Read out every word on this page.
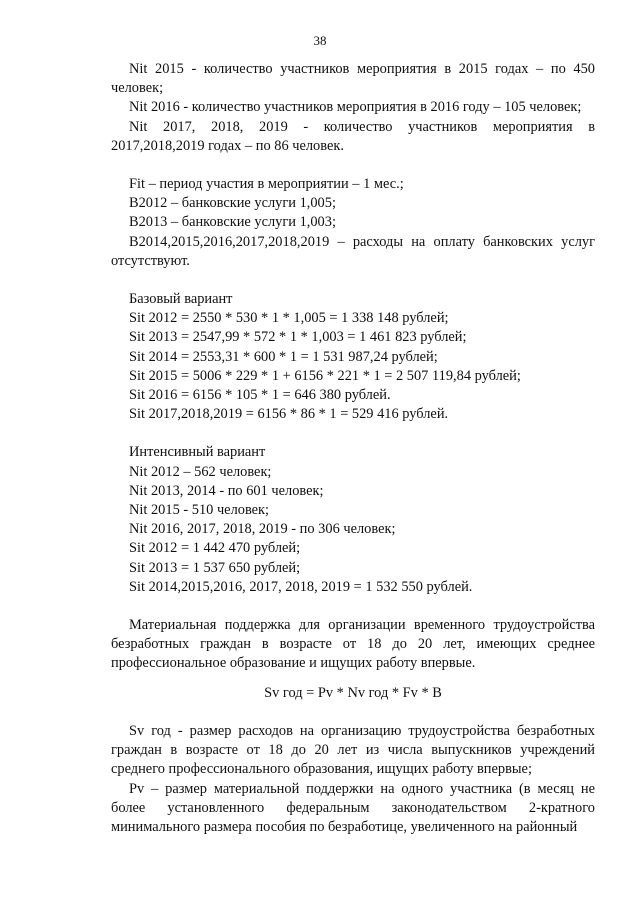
38

Nit 2015 - количество участников мероприятия в 2015 годах – по 450 человек;

Nit 2016 - количество участников мероприятия в 2016 году – 105 человек;

Nit 2017, 2018, 2019 - количество участников мероприятия в 2017,2018,2019 годах – по 86 человек.

Fit – период участия в мероприятии – 1 мес.;

B2012 – банковские услуги 1,005;

B2013 – банковские услуги 1,003;

B2014,2015,2016,2017,2018,2019 – расходы на оплату банковских услуг отсутствуют.

Базовый вариант

Sit 2012 = 2550 * 530 * 1 * 1,005 = 1 338 148 рублей;

Sit 2013 = 2547,99 * 572 * 1 * 1,003 = 1 461 823 рублей;

Sit 2014 = 2553,31 * 600 * 1 = 1 531 987,24 рублей;

Sit 2015 = 5006 * 229 * 1 + 6156 * 221 * 1 = 2 507 119,84 рублей;

Sit 2016 = 6156 * 105 * 1 = 646 380 рублей.

Sit 2017,2018,2019 = 6156 * 86 * 1 = 529 416 рублей.

Интенсивный вариант

Nit 2012 – 562 человек;

Nit 2013, 2014 - по 601 человек;

Nit 2015 - 510 человек;

Nit 2016, 2017, 2018, 2019 - по 306 человек;

Sit 2012 = 1 442 470 рублей;

Sit 2013 = 1 537 650 рублей;

Sit 2014,2015,2016, 2017, 2018, 2019 = 1 532 550 рублей.

Материальная поддержка для организации временного трудоустройства безработных граждан в возрасте от 18 до 20 лет, имеющих среднее профессиональное образование и ищущих работу впервые.

Sv год = Pv * Nv год * Fv * B

Sv год - размер расходов на организацию трудоустройства безработных граждан в возрасте от 18 до 20 лет из числа выпускников учреждений среднего профессионального образования, ищущих работу впервые;

Pv – размер материальной поддержки на одного участника (в месяц не более установленного федеральным законодательством 2-кратного минимального размера пособия по безработице, увеличенного на районный
